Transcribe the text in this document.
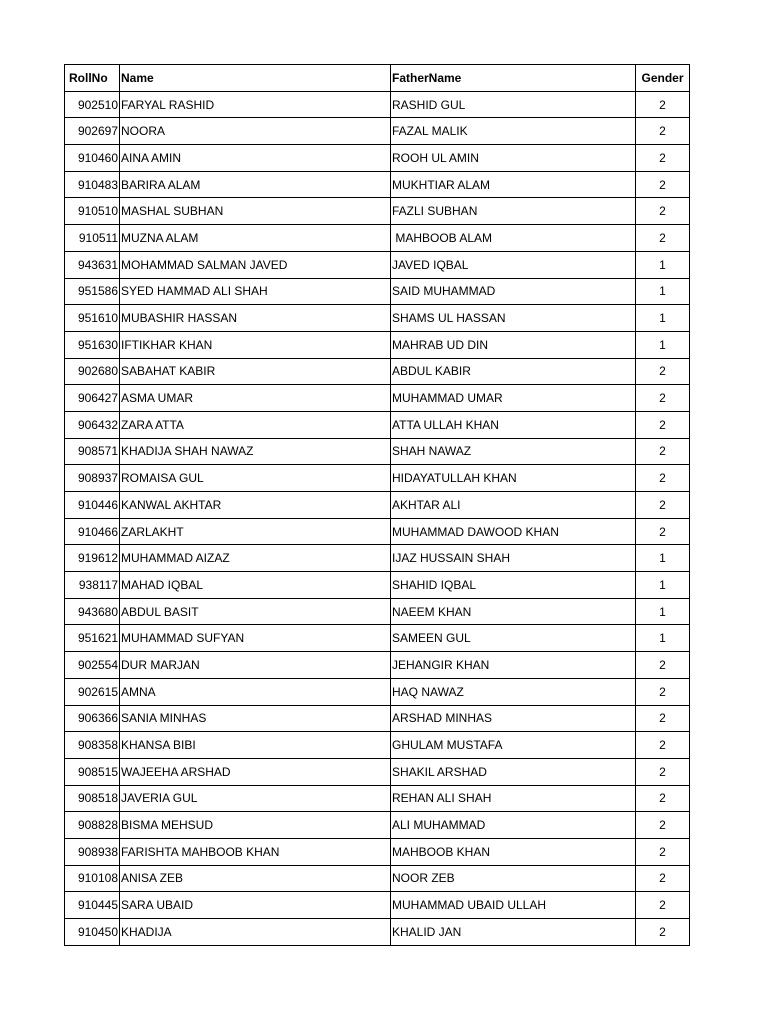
RollNo	Name	FatherName	Gender
902510	FARYAL RASHID	RASHID GUL	2
902697	NOORA	FAZAL MALIK	2
910460	AINA AMIN	ROOH UL AMIN	2
910483	BARIRA ALAM	MUKHTIAR ALAM	2
910510	MASHAL SUBHAN	FAZLI SUBHAN	2
910511	MUZNA ALAM	MAHBOOB ALAM	2
943631	MOHAMMAD SALMAN JAVED	JAVED IQBAL	1
951586	SYED HAMMAD ALI SHAH	SAID MUHAMMAD	1
951610	MUBASHIR HASSAN	SHAMS UL HASSAN	1
951630	IFTIKHAR KHAN	MAHRAB UD DIN	1
902680	SABAHAT KABIR	ABDUL KABIR	2
906427	ASMA UMAR	MUHAMMAD UMAR	2
906432	ZARA ATTA	ATTA ULLAH KHAN	2
908571	KHADIJA SHAH NAWAZ	SHAH NAWAZ	2
908937	ROMAISA GUL	HIDAYATULLAH KHAN	2
910446	KANWAL AKHTAR	AKHTAR ALI	2
910466	ZARLAKHT	MUHAMMAD DAWOOD KHAN	2
919612	MUHAMMAD AIZAZ	IJAZ HUSSAIN SHAH	1
938117	MAHAD IQBAL	SHAHID IQBAL	1
943680	ABDUL BASIT	NAEEM KHAN	1
951621	MUHAMMAD SUFYAN	SAMEEN GUL	1
902554	DUR MARJAN	JEHANGIR KHAN	2
902615	AMNA	HAQ NAWAZ	2
906366	SANIA MINHAS	ARSHAD MINHAS	2
908358	KHANSA BIBI	GHULAM MUSTAFA	2
908515	WAJEEHA ARSHAD	SHAKIL ARSHAD	2
908518	JAVERIA GUL	REHAN ALI SHAH	2
908828	BISMA MEHSUD	ALI MUHAMMAD	2
908938	FARISHTA MAHBOOB KHAN	MAHBOOB KHAN	2
910108	ANISA ZEB	NOOR ZEB	2
910445	SARA UBAID	MUHAMMAD UBAID ULLAH	2
910450	KHADIJA	KHALID JAN	2
